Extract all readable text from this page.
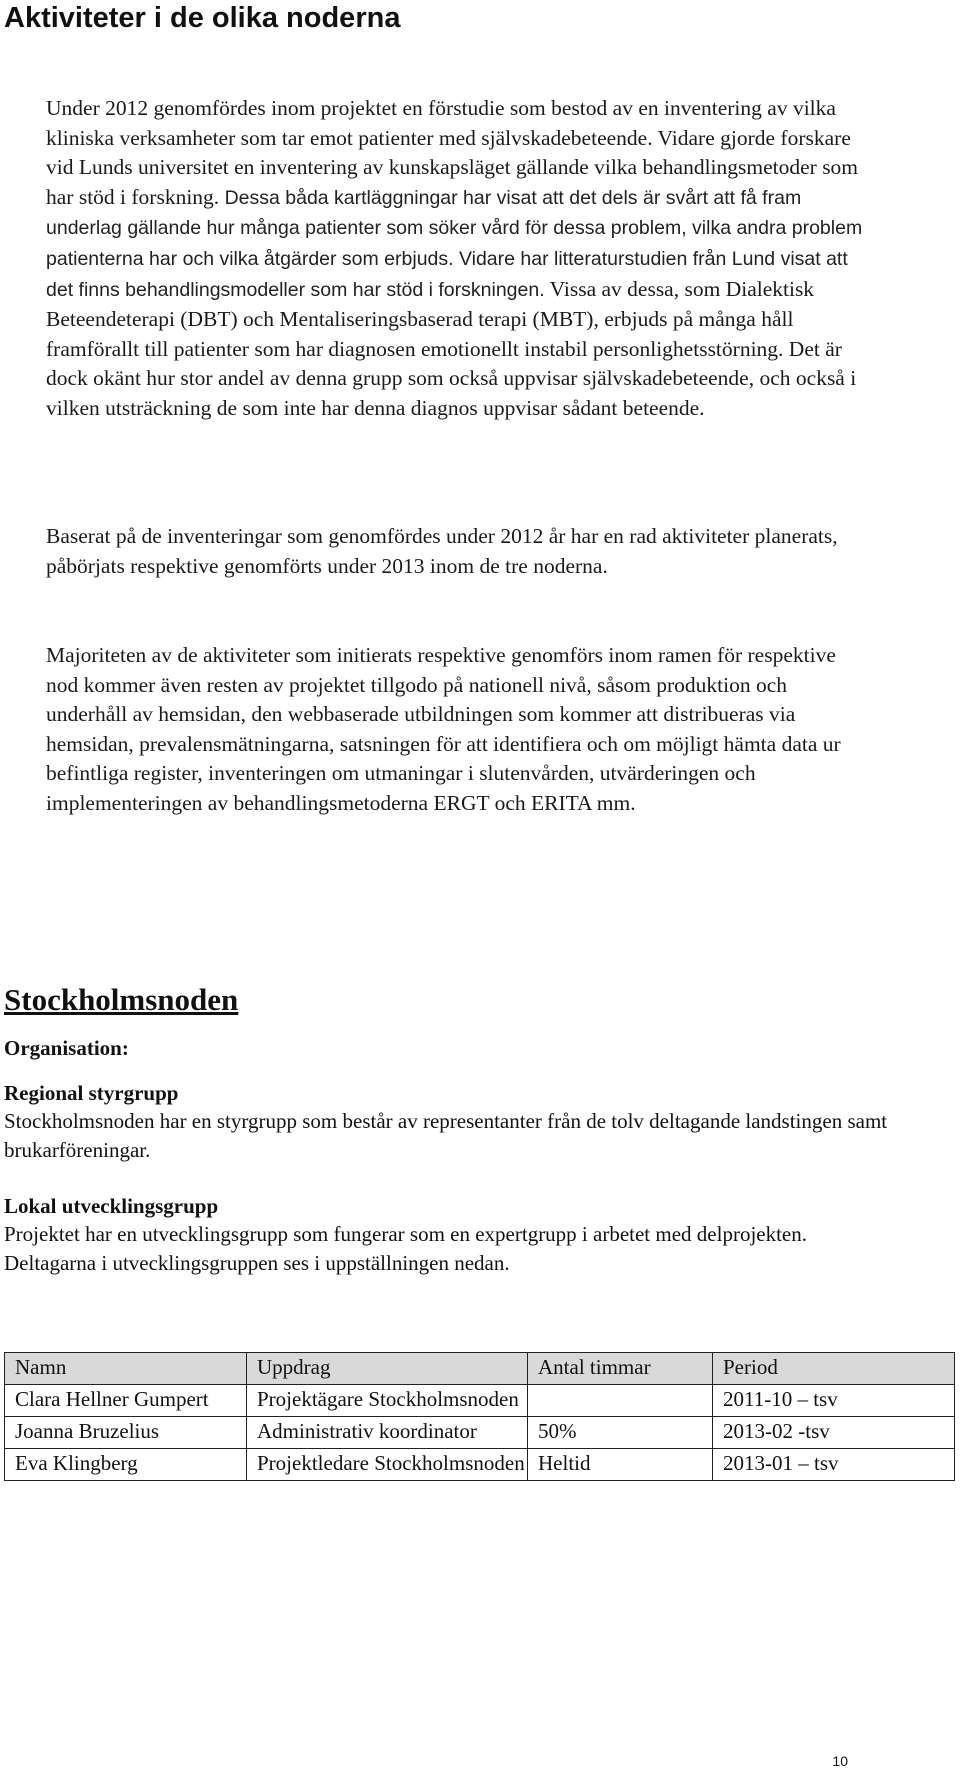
Aktiviteter i de olika noderna

Under 2012 genomfördes inom projektet en förstudie som bestod av en inventering av vilka kliniska verksamheter som tar emot patienter med självskadebeteende. Vidare gjorde forskare vid Lunds universitet en inventering av kunskapsläget gällande vilka behandlingsmetoder som har stöd i forskning. Dessa båda kartläggningar har visat att det dels är svårt att få fram underlag gällande hur många patienter som söker vård för dessa problem, vilka andra problem patienterna har och vilka åtgärder som erbjuds. Vidare har litteraturstudien från Lund visat att det finns behandlingsmodeller som har stöd i forskningen. Vissa av dessa, som Dialektisk Beteendeterapi (DBT) och Mentaliseringsbaserad terapi (MBT), erbjuds på många håll framförallt till patienter som har diagnosen emotionellt instabil personlighetsstörning. Det är dock okänt hur stor andel av denna grupp som också uppvisar självskadebeteende, och också i vilken utsträckning de som inte har denna diagnos uppvisar sådant beteende.

Baserat på de inventeringar som genomfördes under 2012 år har en rad aktiviteter planerats, påbörjats respektive genomförts under 2013 inom de tre noderna.

Majoriteten av de aktiviteter som initierats respektive genomförs inom ramen för respektive nod kommer även resten av projektet tillgodo på nationell nivå, såsom produktion och underhåll av hemsidan, den webbaserade utbildningen som kommer att distribueras via hemsidan, prevalensmätningarna, satsningen för att identifiera och om möjligt hämta data ur befintliga register, inventeringen om utmaningar i slutenvården, utvärderingen och implementeringen av behandlingsmetoderna ERGT och ERITA mm.

Stockholmsnoden

Organisation:

Regional styrgrupp

Stockholmsnoden har en styrgrupp som består av representanter från de tolv deltagande landstingen samt brukarföreningar.

Lokal utvecklingsgrupp

Projektet har en utvecklingsgrupp som fungerar som en expertgrupp i arbetet med delprojekten. Deltagarna i utvecklingsgruppen ses i uppställningen nedan.

Namn	Uppdrag	Antal timmar	Period
Clara Hellner Gumpert	Projektägare Stockholmsnoden		2011-10 – tsv
Joanna Bruzelius	Administrativ koordinator	50%	2013-02 -tsv
Eva Klingberg	Projektledare Stockholmsnoden	Heltid	2013-01 – tsv
10
